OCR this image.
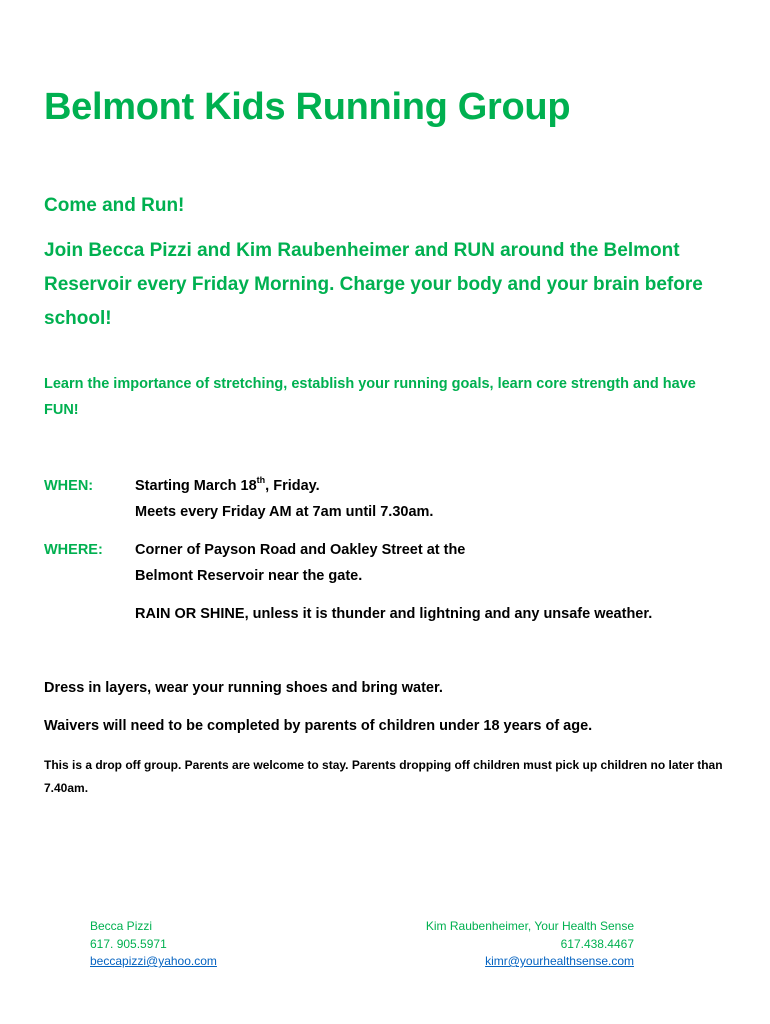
Belmont Kids Running Group
Come and Run!

Join Becca Pizzi and Kim Raubenheimer and RUN around the Belmont Reservoir every Friday Morning. Charge your body and your brain before school!

Learn the importance of stretching, establish your running goals, learn core strength and have FUN!

WHEN:	Starting March 18th, Friday.
Meets every Friday AM at 7am until 7.30am.
WHERE: Corner of Payson Road and Oakley Street at the
Belmont Reservoir near the gate.
RAIN OR SHINE, unless it is thunder and lightning and any unsafe weather.
Dress in layers, wear your running shoes and bring water.
Waivers will need to be completed by parents of children under 18 years of age.
This is a drop off group. Parents are welcome to stay. Parents dropping off children must pick up children no later than 7.40am.
Becca Pizzi
617. 905.5971
beccapizzi@yahoo.com
Kim Raubenheimer, Your Health Sense
617.438.4467
kimr@yourhealthsense.com
